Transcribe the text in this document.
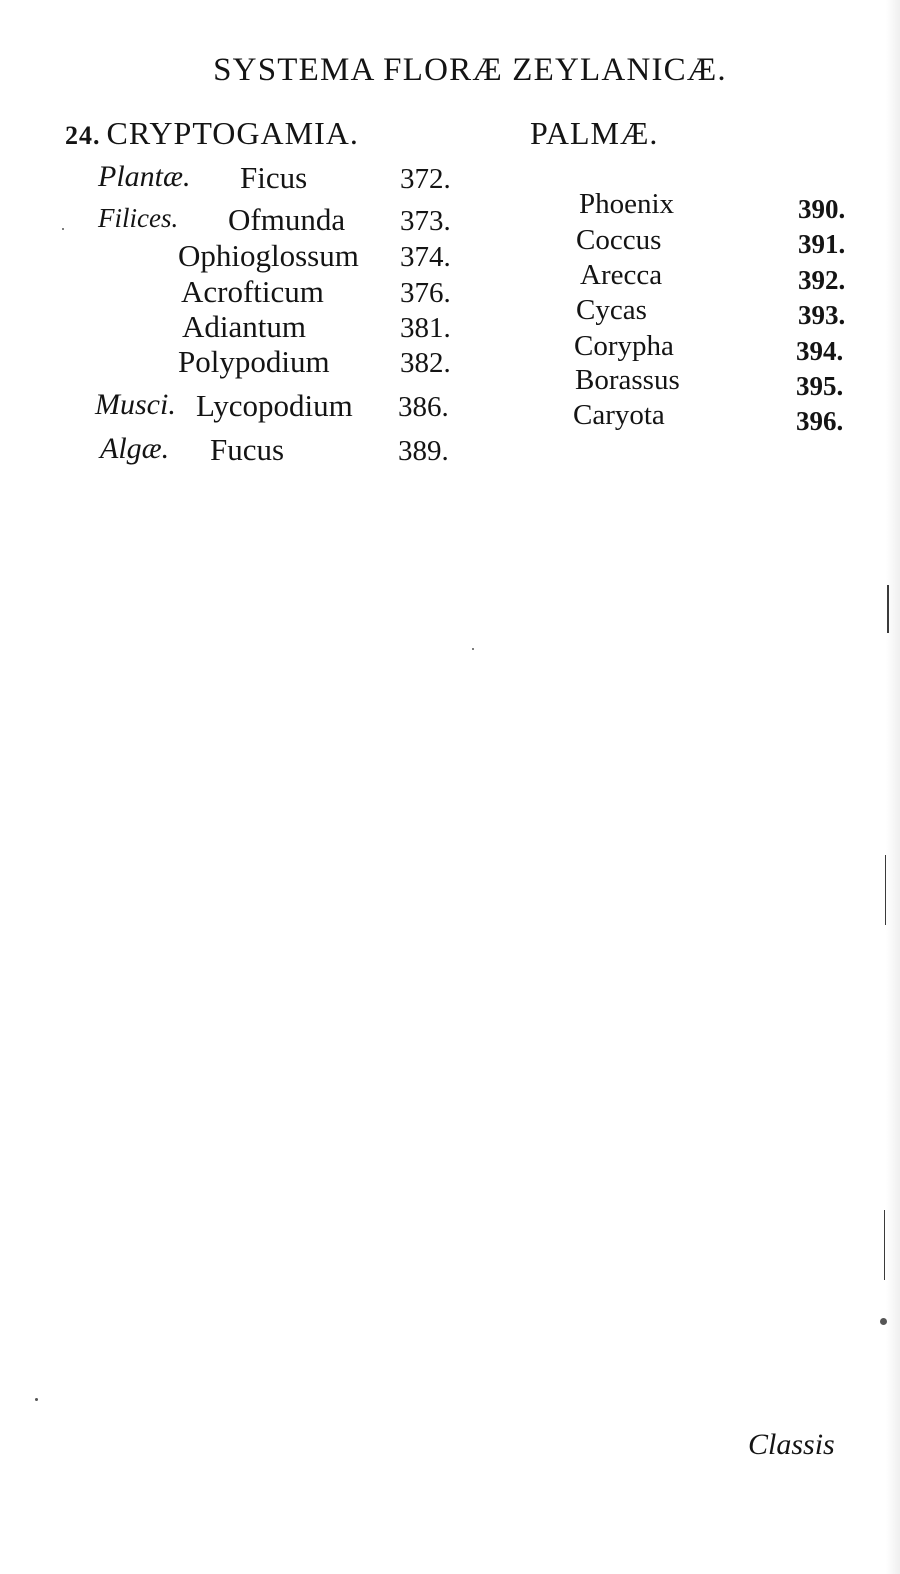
SYSTEMA FLORÆ ZEYLANICÆ.
24. CRYPTOGAMIA.	PALMÆ.
Plantæ.
Filices.
Musci.
Algæ.
Ficus
Ofmunda
Ophioglossum
Acrofticum
Adiantum
Polypodium
Lycopodium
Fucus
372.
373.
374.
376.
381.
382.
386.
389.
Phoenix
Coccus
Arecca
Cycas
Corypha
Borassus
Caryota
390.
391.
392.
393.
394.
395.
396.
Classis
